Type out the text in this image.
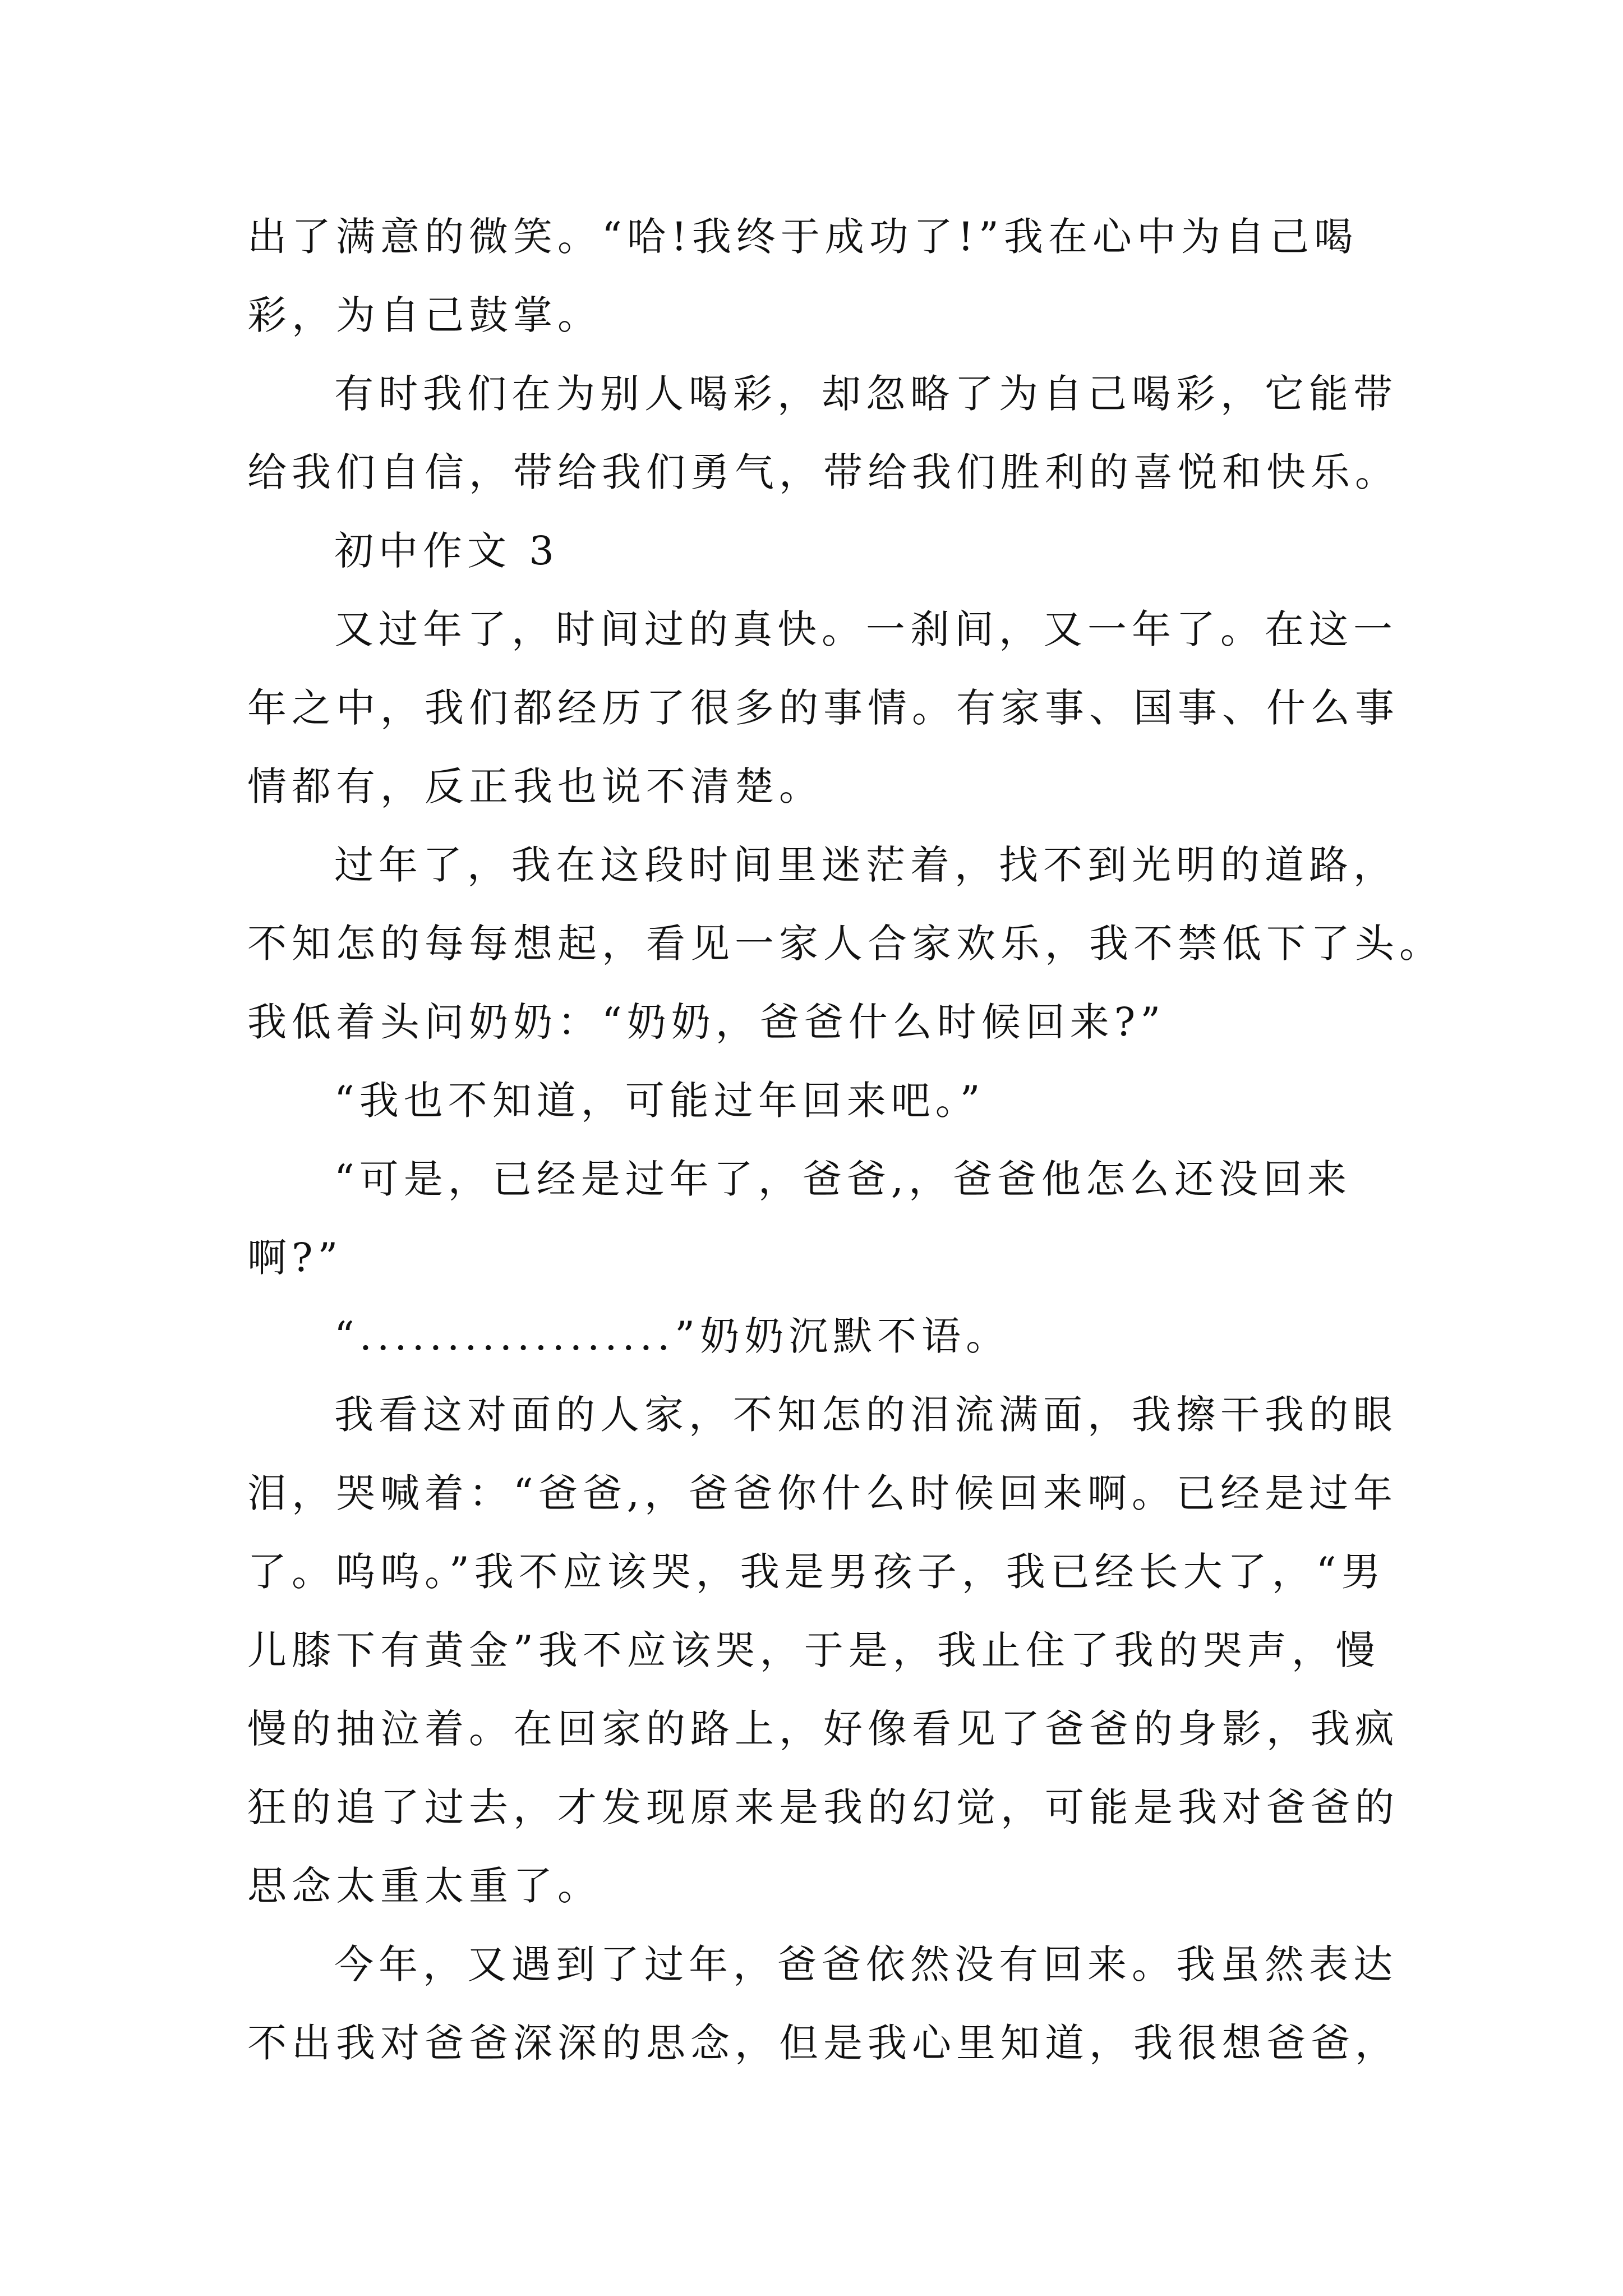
出了满意的微笑。“哈!我终于成功了!”我在心中为自己喝
彩，为自己鼓掌。
有时我们在为别人喝彩，却忽略了为自己喝彩，它能带
给我们自信，带给我们勇气，带给我们胜利的喜悦和快乐。
初中作文 3
又过年了，时间过的真快。一刹间，又一年了。在这一
年之中，我们都经历了很多的事情。有家事、国事、什么事
情都有，反正我也说不清楚。
过年了，我在这段时间里迷茫着，找不到光明的道路，
不知怎的每每想起，看见一家人合家欢乐，我不禁低下了头。
我低着头问奶奶：“奶奶，爸爸什么时候回来?”
“我也不知道，可能过年回来吧。”
“可是，已经是过年了，爸爸,，爸爸他怎么还没回来
啊?”
“..................”奶奶沉默不语。
我看这对面的人家，不知怎的泪流满面，我擦干我的眼
泪，哭喊着：“爸爸,，爸爸你什么时候回来啊。已经是过年
了。呜呜。”我不应该哭，我是男孩子，我已经长大了，“男
儿膝下有黄金”我不应该哭，于是，我止住了我的哭声，慢
慢的抽泣着。在回家的路上，好像看见了爸爸的身影，我疯
狂的追了过去，才发现原来是我的幻觉，可能是我对爸爸的
思念太重太重了。
今年，又遇到了过年，爸爸依然没有回来。我虽然表达
不出我对爸爸深深的思念，但是我心里知道，我很想爸爸，
